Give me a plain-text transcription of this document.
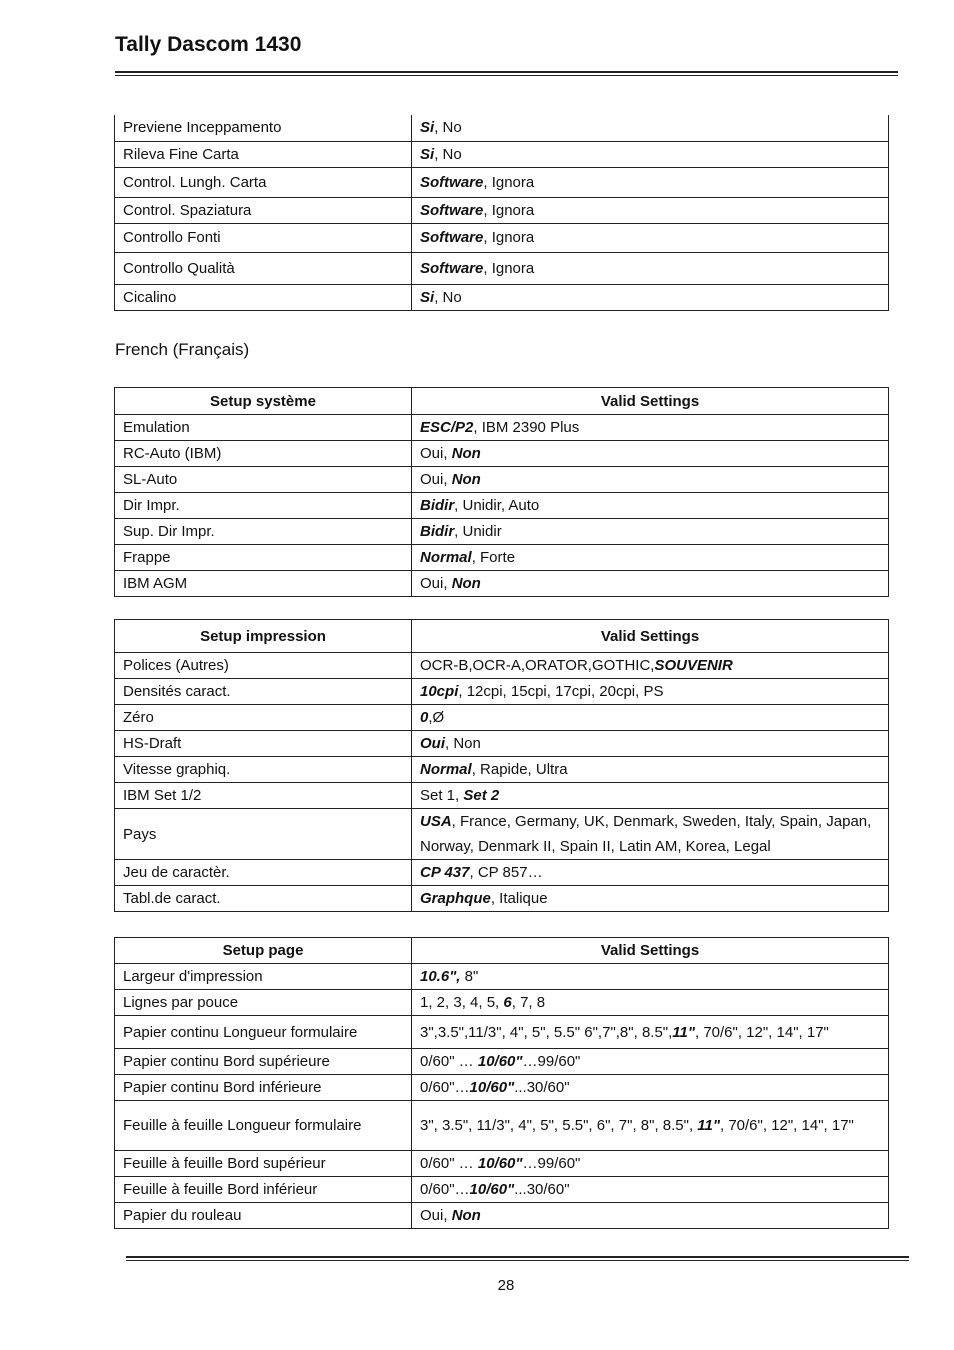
Tally Dascom 1430
Previene Inceppamento	Si, No
Rileva Fine Carta	Si, No
Control. Lungh. Carta	Software, Ignora
Control. Spaziatura	Software, Ignora
Controllo Fonti	Software, Ignora
Controllo Qualità	Software, Ignora
Cicalino	Si, No
French (Français)
Setup système	Valid Settings
Emulation	ESC/P2, IBM 2390 Plus
RC-Auto (IBM)	Oui, Non
SL-Auto	Oui, Non
Dir Impr.	Bidir, Unidir, Auto
Sup. Dir Impr.	Bidir, Unidir
Frappe	Normal, Forte
IBM AGM	Oui, Non
Setup impression	Valid Settings
Polices (Autres)	OCR-B,OCR-A,ORATOR,GOTHIC,SOUVENIR
Densités caract.	10cpi, 12cpi, 15cpi, 17cpi, 20cpi, PS
Zéro	0,Ø
HS-Draft	Oui, Non
Vitesse graphiq.	Normal, Rapide, Ultra
IBM Set 1/2	Set 1, Set 2
Pays	USA, France, Germany, UK, Denmark, Sweden, Italy, Spain, Japan, Norway, Denmark II, Spain II, Latin AM, Korea, Legal
Jeu de caractèr.	CP 437, CP 857…
Tabl.de caract.	Graphque, Italique
Setup page	Valid Settings
Largeur d'impression	10.6", 8"
Lignes par pouce	1, 2, 3, 4, 5, 6, 7, 8
Papier continu Longueur formulaire	3",3.5",11/3", 4", 5", 5.5" 6",7",8", 8.5",11", 70/6", 12", 14", 17"
Papier continu Bord supérieure	0/60" … 10/60"…99/60"
Papier continu Bord inférieure	0/60"…10/60"...30/60"
Feuille à feuille Longueur formulaire	3", 3.5", 11/3", 4", 5", 5.5", 6", 7", 8", 8.5", 11", 70/6", 12", 14", 17"
Feuille à feuille Bord supérieur	0/60" … 10/60"…99/60"
Feuille à feuille Bord inférieur	0/60"…10/60"...30/60"
Papier du rouleau	Oui, Non
28
